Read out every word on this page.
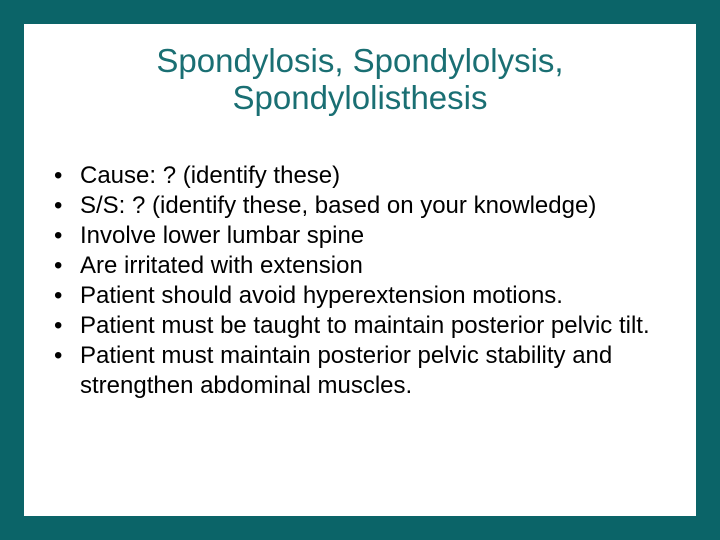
Spondylosis, Spondylolysis,
Spondylolisthesis
• Cause: ? (identify these)
• S/S: ? (identify these, based on your knowledge)
• Involve lower lumbar spine
• Are irritated with extension
• Patient should avoid hyperextension motions.
• Patient must be taught to maintain posterior pelvic tilt.
• Patient must maintain posterior pelvic stability and strengthen abdominal muscles.
